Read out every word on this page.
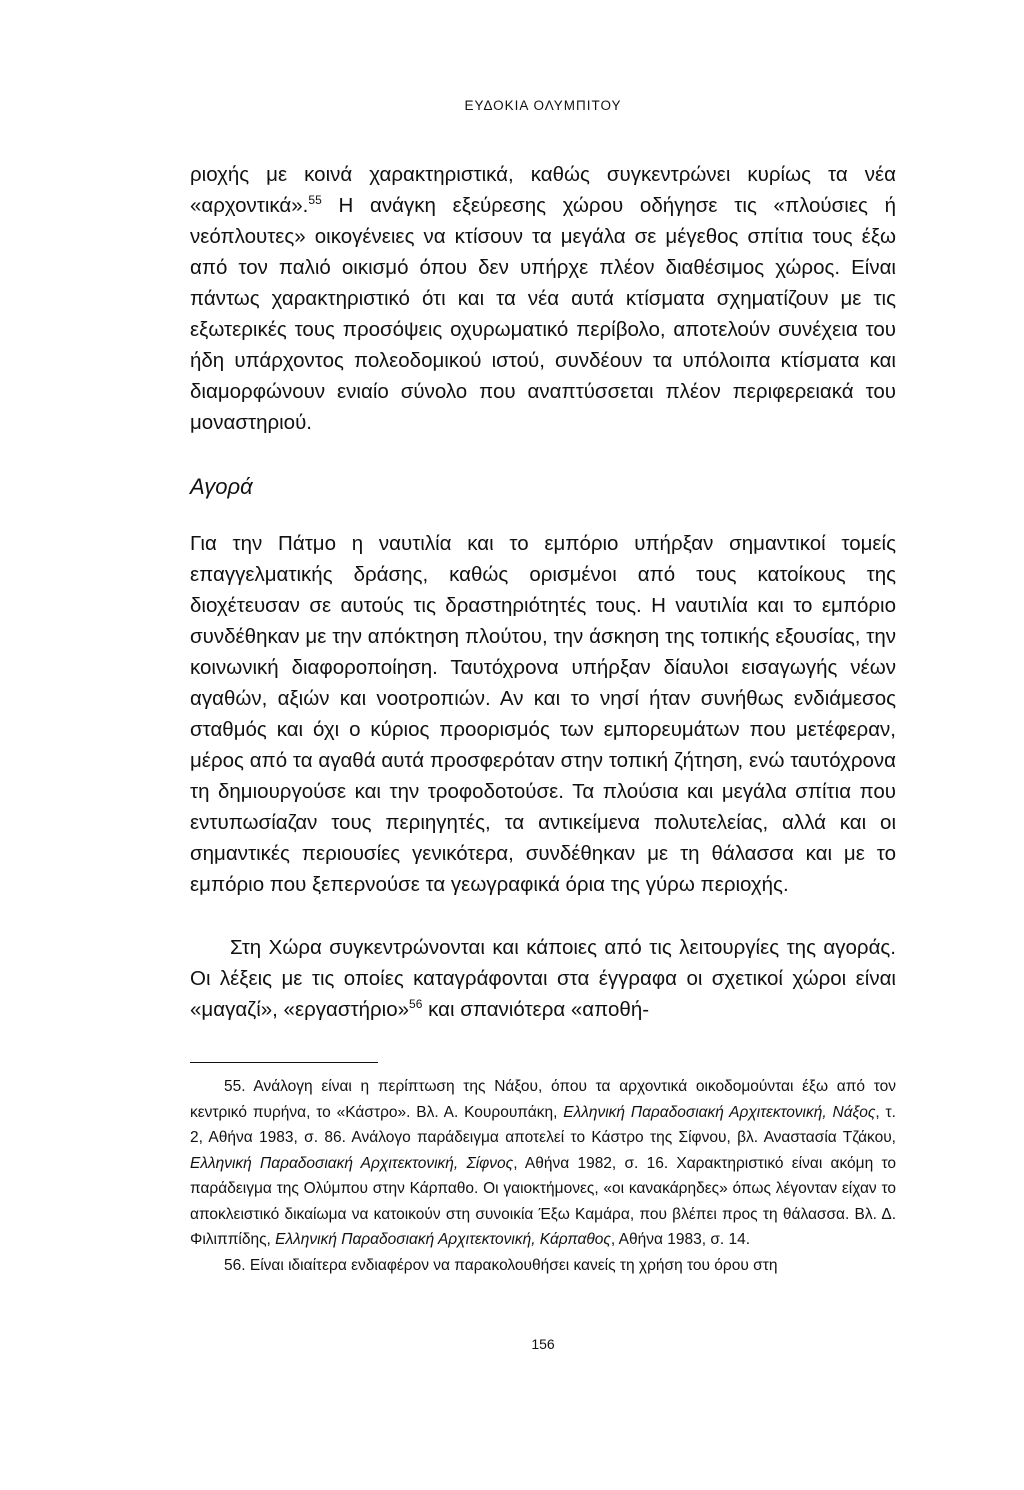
ΕΥΔΟΚΙΑ ΟΛΥΜΠΙΤΟΥ

ριοχής με κοινά χαρακτηριστικά, καθώς συγκεντρώνει κυρίως τα νέα «αρχοντικά».$^{55}$ Η ανάγκη εξεύρεσης χώρου οδήγησε τις «πλούσιες ή νεόπλουτες» οικογένειες να κτίσουν τα μεγάλα σε μέγεθος σπίτια τους έξω από τον παλιό οικισμό όπου δεν υπήρχε πλέον διαθέσιμος χώρος. Είναι πάντως χαρακτηριστικό ότι και τα νέα αυτά κτίσματα σχηματίζουν με τις εξωτερικές τους προσόψεις οχυρωματικό περίβολο, αποτελούν συνέχεια του ήδη υπάρχοντος πολεοδομικού ιστού, συνδέουν τα υπόλοιπα κτίσματα και διαμορφώνουν ενιαίο σύνολο που αναπτύσσεται πλέον περιφερειακά του μοναστηριού.

Αγορά

Για την Πάτμο η ναυτιλία και το εμπόριο υπήρξαν σημαντικοί τομείς επαγγελματικής δράσης, καθώς ορισμένοι από τους κατοίκους της διοχέτευσαν σε αυτούς τις δραστηριότητές τους. Η ναυτιλία και το εμπόριο συνδέθηκαν με την απόκτηση πλούτου, την άσκηση της τοπικής εξουσίας, την κοινωνική διαφοροποίηση. Ταυτόχρονα υπήρξαν δίαυλοι εισαγωγής νέων αγαθών, αξιών και νοοτροπιών. Αν και το νησί ήταν συνήθως ενδιάμεσος σταθμός και όχι ο κύριος προορισμός των εμπορευμάτων που μετέφεραν, μέρος από τα αγαθά αυτά προσφερόταν στην τοπική ζήτηση, ενώ ταυτόχρονα τη δημιουργούσε και την τροφοδοτούσε. Τα πλούσια και μεγάλα σπίτια που εντυπωσίαζαν τους περιηγητές, τα αντικείμενα πολυτελείας, αλλά και οι σημαντικές περιουσίες γενικότερα, συνδέθηκαν με τη θάλασσα και με το εμπόριο που ξεπερνούσε τα γεωγραφικά όρια της γύρω περιοχής.

Στη Χώρα συγκεντρώνονται και κάποιες από τις λειτουργίες της αγοράς. Οι λέξεις με τις οποίες καταγράφονται στα έγγραφα οι σχετικοί χώροι είναι «μαγαζί», «εργαστήριο»$^{56}$ και σπανιότερα «αποθή-

55. Ανάλογη είναι η περίπτωση της Νάξου, όπου τα αρχοντικά οικοδομούνται έξω από τον κεντρικό πυρήνα, το «Κάστρο». Βλ. Α. Κουρουπάκη, Ελληνική Παραδοσιακή Αρχιτεκτονική, Νάξος, τ. 2, Αθήνα 1983, σ. 86. Ανάλογο παράδειγμα αποτελεί το Κάστρο της Σίφνου, βλ. Αναστασία Τζάκου, Ελληνική Παραδοσιακή Αρχιτεκτονική, Σίφνος, Αθήνα 1982, σ. 16. Χαρακτηριστικό είναι ακόμη το παράδειγμα της Ολύμπου στην Κάρπαθο. Οι γαιοκτήμονες, «οι κανακάρηδες» όπως λέγονταν είχαν το αποκλειστικό δικαίωμα να κατοικούν στη συνοικία Έξω Καμάρα, που βλέπει προς τη θάλασσα. Βλ. Δ. Φιλιππίδης, Ελληνική Παραδοσιακή Αρχιτεκτονική, Κάρπαθος, Αθήνα 1983, σ. 14.

56. Είναι ιδιαίτερα ενδιαφέρον να παρακολουθήσει κανείς τη χρήση του όρου στη

156
